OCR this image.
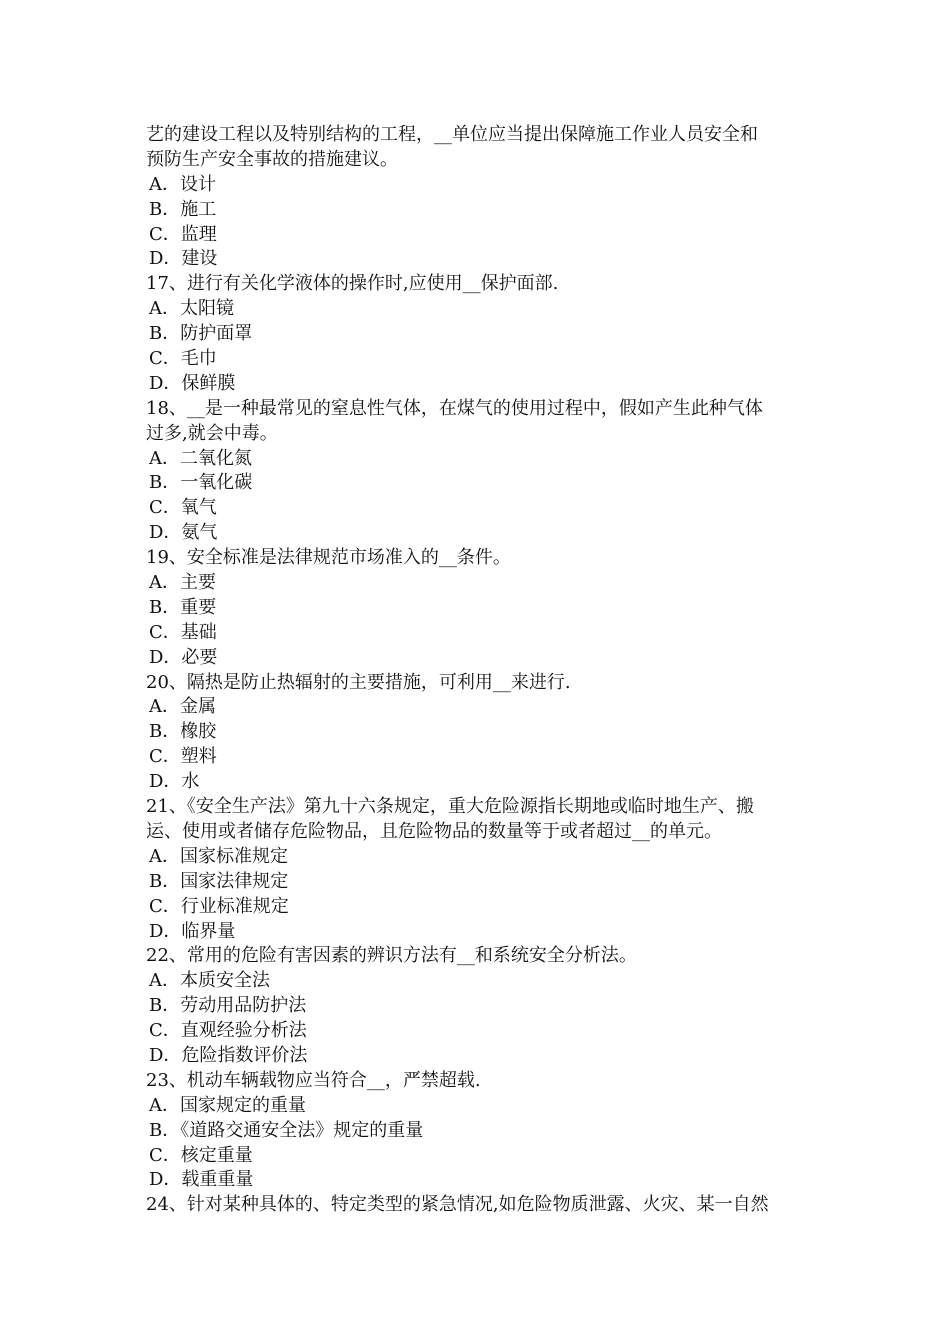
艺的建设工程以及特别结构的工程，__单位应当提出保障施工作业人员安全和
预防生产安全事故的措施建议。
A．设计
B．施工
C．监理
D．建设
17、进行有关化学液体的操作时,应使用__保护面部.
A．太阳镜
B．防护面罩
C．毛巾
D．保鲜膜
18、__是一种最常见的窒息性气体，在煤气的使用过程中，假如产生此种气体
过多,就会中毒。
A．二氧化氮
B．一氧化碳
C．氧气
D．氨气
19、安全标准是法律规范市场准入的__条件。
A．主要
B．重要
C．基础
D．必要
20、隔热是防止热辐射的主要措施，可利用__来进行.
A．金属
B．橡胶
C．塑料
D．水
21、《安全生产法》第九十六条规定，重大危险源指长期地或临时地生产、搬
运、使用或者储存危险物品，且危险物品的数量等于或者超过__的单元。
A．国家标准规定
B．国家法律规定
C．行业标准规定
D．临界量
22、常用的危险有害因素的辨识方法有__和系统安全分析法。
A．本质安全法
B．劳动用品防护法
C．直观经验分析法
D．危险指数评价法
23、机动车辆载物应当符合__，严禁超载.
A．国家规定的重量
B．《道路交通安全法》规定的重量
C．核定重量
D．载重重量
24、针对某种具体的、特定类型的紧急情况,如危险物质泄露、火灾、某一自然
